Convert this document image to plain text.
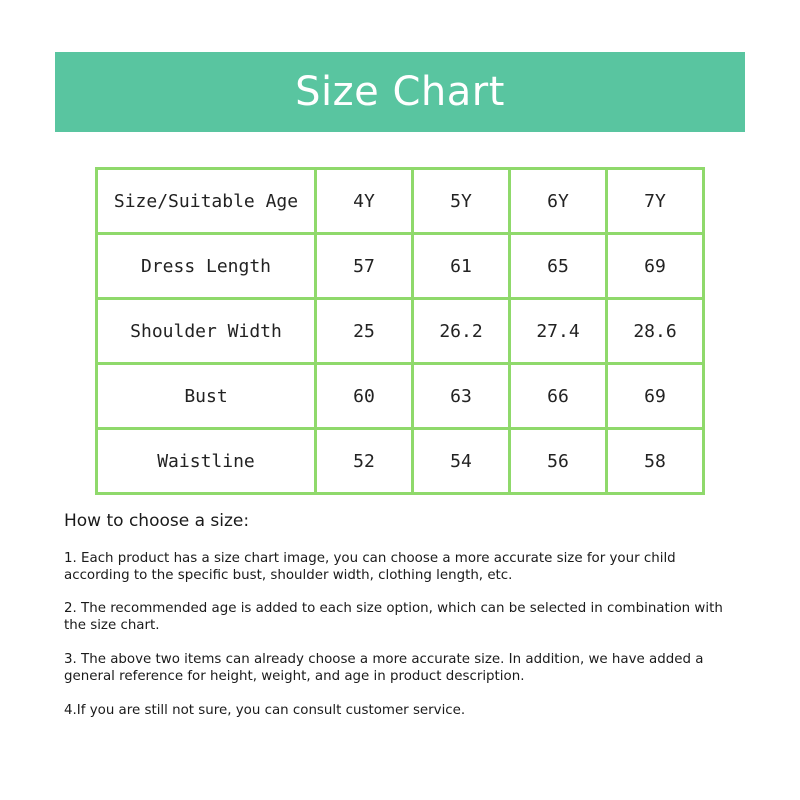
Size Chart
Size/Suitable Age	4Y	5Y	6Y	7Y
Dress Length	57	61	65	69
Shoulder Width	25	26.2	27.4	28.6
Bust	60	63	66	69
Waistline	52	54	56	58

How to choose a size:

1. Each product has a size chart image, you can choose a more accurate size for your child according to the specific bust, shoulder width, clothing length, etc.

2. The recommended age is added to each size option, which can be selected in combination with the size chart.

3. The above two items can already choose a more accurate size. In addition, we have added a general reference for height, weight, and age in product description.

4.If you are still not sure, you can consult customer service.
